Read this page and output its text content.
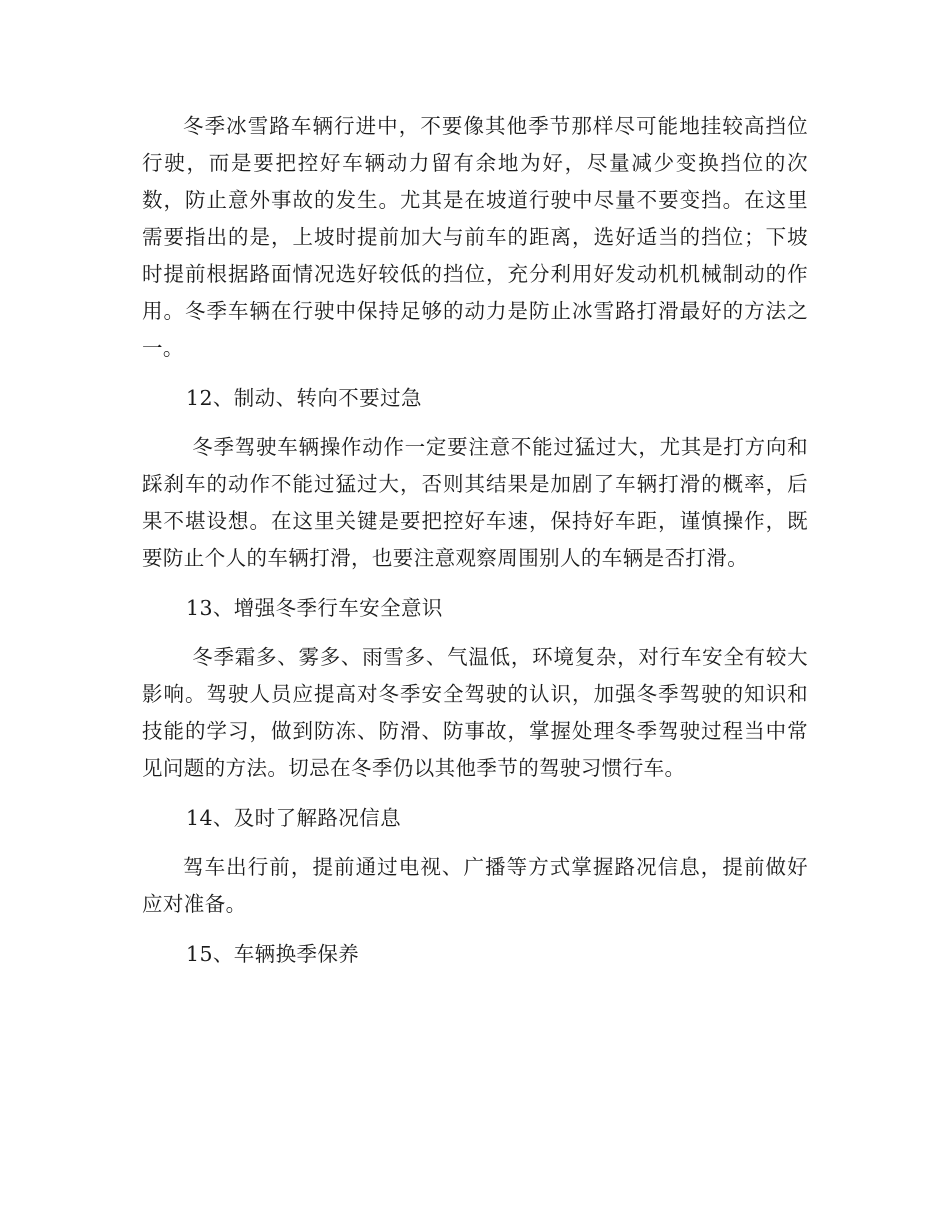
冬季冰雪路车辆行进中，不要像其他季节那样尽可能地挂较高挡位行驶，而是要把控好车辆动力留有余地为好，尽量减少变换挡位的次数，防止意外事故的发生。尤其是在坡道行驶中尽量不要变挡。在这里需要指出的是，上坡时提前加大与前车的距离，选好适当的挡位；下坡时提前根据路面情况选好较低的挡位，充分利用好发动机机械制动的作用。冬季车辆在行驶中保持足够的动力是防止冰雪路打滑最好的方法之一。

12、制动、转向不要过急

冬季驾驶车辆操作动作一定要注意不能过猛过大，尤其是打方向和踩刹车的动作不能过猛过大，否则其结果是加剧了车辆打滑的概率，后果不堪设想。在这里关键是要把控好车速，保持好车距，谨慎操作，既要防止个人的车辆打滑，也要注意观察周围别人的车辆是否打滑。

13、增强冬季行车安全意识

冬季霜多、雾多、雨雪多、气温低，环境复杂，对行车安全有较大影响。驾驶人员应提高对冬季安全驾驶的认识，加强冬季驾驶的知识和技能的学习，做到防冻、防滑、防事故，掌握处理冬季驾驶过程当中常见问题的方法。切忌在冬季仍以其他季节的驾驶习惯行车。

14、及时了解路况信息

驾车出行前，提前通过电视、广播等方式掌握路况信息，提前做好应对准备。

15、车辆换季保养
